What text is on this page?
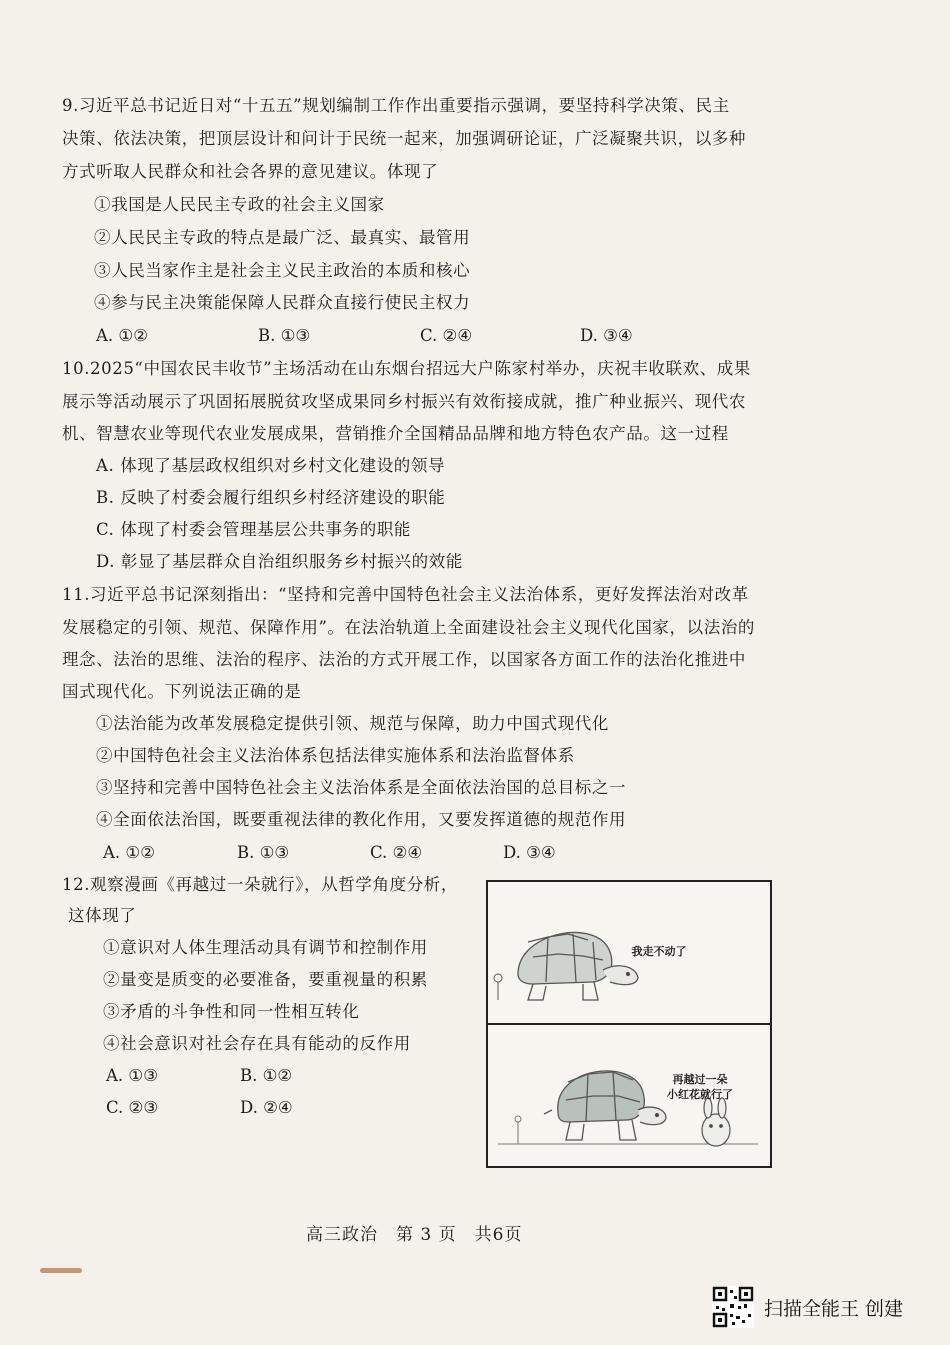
9.习近平总书记近日对“十五五”规划编制工作作出重要指示强调，要坚持科学决策、民主
决策、依法决策，把顶层设计和问计于民统一起来，加强调研论证，广泛凝聚共识，以多种
方式听取人民群众和社会各界的意见建议。体现了
①我国是人民民主专政的社会主义国家
②人民民主专政的特点是最广泛、最真实、最管用
③人民当家作主是社会主义民主政治的本质和核心
④参与民主决策能保障人民群众直接行使民主权力
A. ①②	B. ①③	C. ②④	D. ③④
10.2025“中国农民丰收节”主场活动在山东烟台招远大户陈家村举办，庆祝丰收联欢、成果
展示等活动展示了巩固拓展脱贫攻坚成果同乡村振兴有效衔接成就，推广种业振兴、现代农
机、智慧农业等现代农业发展成果，营销推介全国精品品牌和地方特色农产品。这一过程
A. 体现了基层政权组织对乡村文化建设的领导
B. 反映了村委会履行组织乡村经济建设的职能
C. 体现了村委会管理基层公共事务的职能
D. 彰显了基层群众自治组织服务乡村振兴的效能
11.习近平总书记深刻指出：“坚持和完善中国特色社会主义法治体系，更好发挥法治对改革
发展稳定的引领、规范、保障作用”。在法治轨道上全面建设社会主义现代化国家，以法治的
理念、法治的思维、法治的程序、法治的方式开展工作，以国家各方面工作的法治化推进中
国式现代化。下列说法正确的是
①法治能为改革发展稳定提供引领、规范与保障，助力中国式现代化
②中国特色社会主义法治体系包括法律实施体系和法治监督体系
③坚持和完善中国特色社会主义法治体系是全面依法治国的总目标之一
④全面依法治国，既要重视法律的教化作用，又要发挥道德的规范作用
A. ①②	B. ①③	C. ②④	D. ③④
12.观察漫画《再越过一朵就行》，从哲学角度分析，
这体现了
①意识对人体生理活动具有调节和控制作用
②量变是质变的必要准备，要重视量的积累
③矛盾的斗争性和同一性相互转化
④社会意识对社会存在具有能动的反作用
A. ①③	B. ①②
C. ②③	D. ②④
我走不动了
再越过一朵
小红花就行了
高三政治　第 3 页　共6页
扫描全能王 创建
